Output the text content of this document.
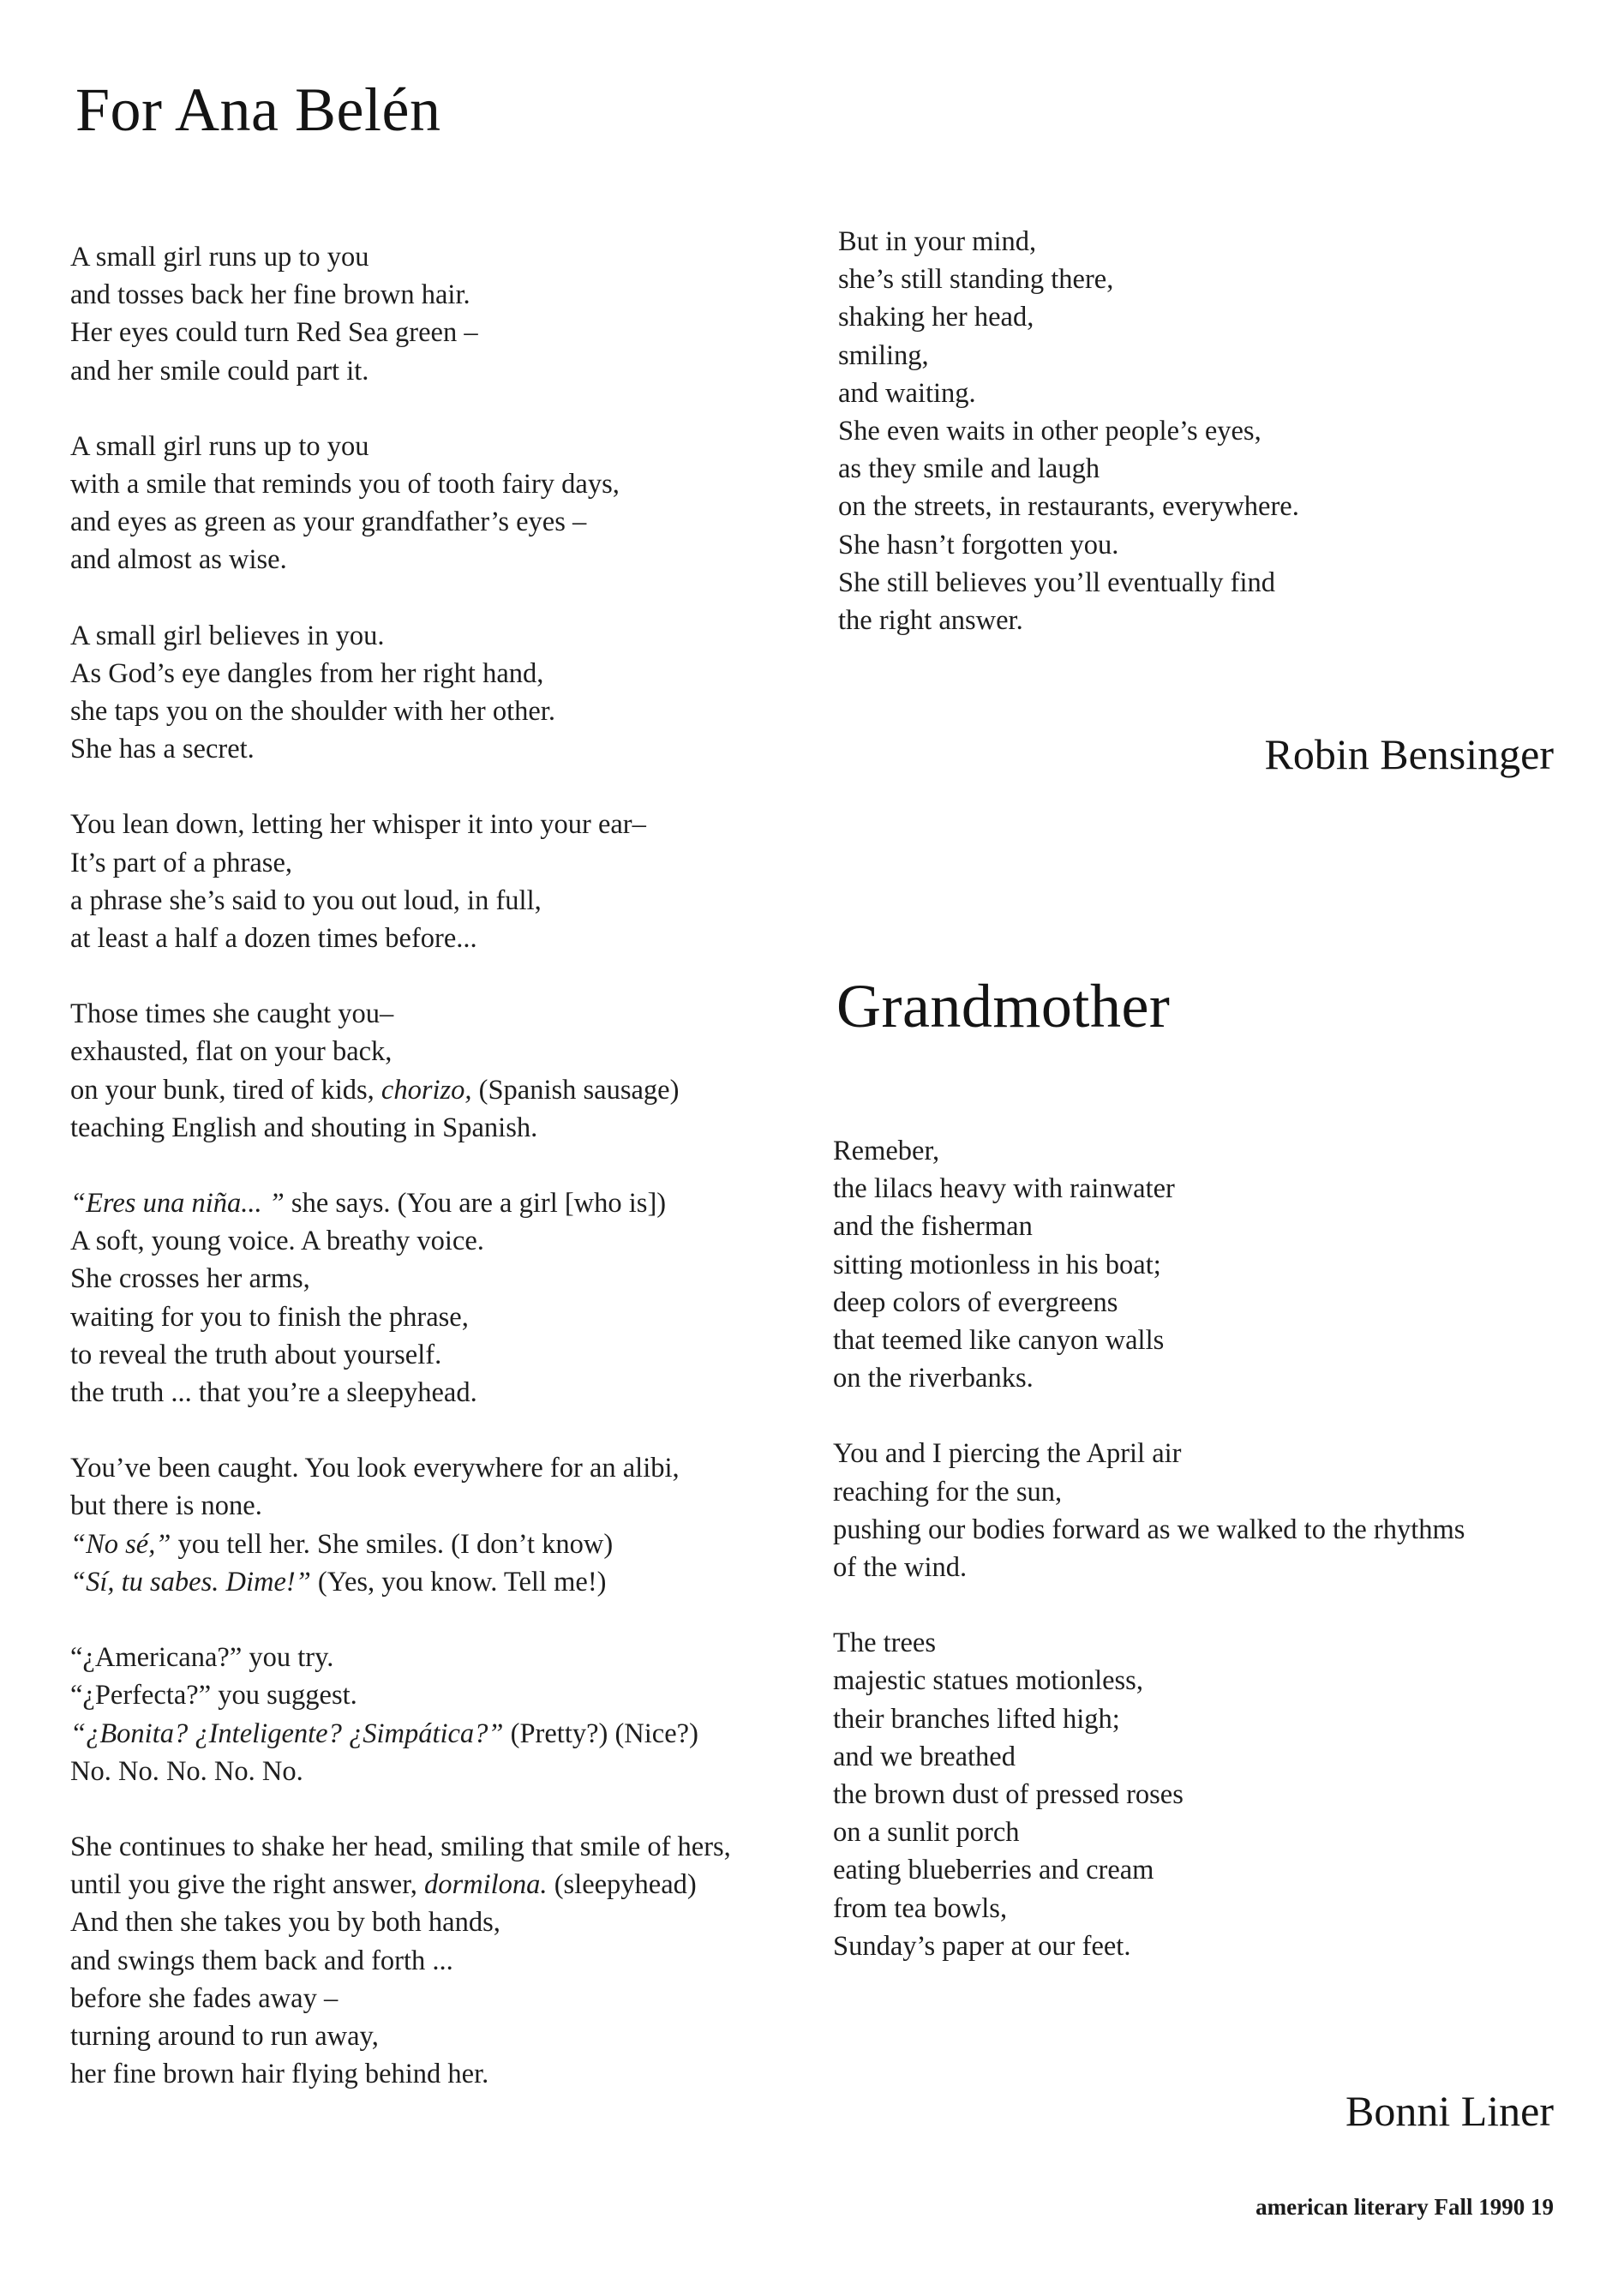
For Ana Belén
A small girl runs up to you
and tosses back her fine brown hair.
Her eyes could turn Red Sea green –
and her smile could part it.
A small girl runs up to you
with a smile that reminds you of tooth fairy days,
and eyes as green as your grandfather’s eyes –
and almost as wise.
A small girl believes in you.
As God’s eye dangles from her right hand,
she taps you on the shoulder with her other.
She has a secret.
You lean down, letting her whisper it into your ear–
It’s part of a phrase,
a phrase she’s said to you out loud, in full,
at least a half a dozen times before...
Those times she caught you–
exhausted, flat on your back,
on your bunk, tired of kids, chorizo, (Spanish sausage)
teaching English and shouting in Spanish.
“Eres una niña... ” she says. (You are a girl [who is])
A soft, young voice. A breathy voice.
She crosses her arms,
waiting for you to finish the phrase,
to reveal the truth about yourself.
the truth ... that you’re a sleepyhead.
You’ve been caught. You look everywhere for an alibi,
but there is none.
“No sé,” you tell her. She smiles. (I don’t know)
“Sí, tu sabes. Dime!” (Yes, you know. Tell me!)
“¿Americana?” you try.
“¿Perfecta?” you suggest.
“¿Bonita? ¿Inteligente? ¿Simpática?” (Pretty?) (Nice?)
No. No. No. No. No.
She continues to shake her head, smiling that smile of hers,
until you give the right answer, dormilona. (sleepyhead)
And then she takes you by both hands,
and swings them back and forth ...
before she fades away –
turning around to run away,
her fine brown hair flying behind her.
But in your mind,
she’s still standing there,
shaking her head,
smiling,
and waiting.
She even waits in other people’s eyes,
as they smile and laugh
on the streets, in restaurants, everywhere.
She hasn’t forgotten you.
She still believes you’ll eventually find
the right answer.
Robin Bensinger
Grandmother
Remeber,
the lilacs heavy with rainwater
and the fisherman
sitting motionless in his boat;
deep colors of evergreens
that teemed like canyon walls
on the riverbanks.
You and I piercing the April air
reaching for the sun,
pushing our bodies forward as we walked to the rhythms
of the wind.
The trees
majestic statues motionless,
their branches lifted high;
and we breathed
the brown dust of pressed roses
on a sunlit porch
eating blueberries and cream
from tea bowls,
Sunday’s paper at our feet.
Bonni Liner
american literary Fall 1990 19
